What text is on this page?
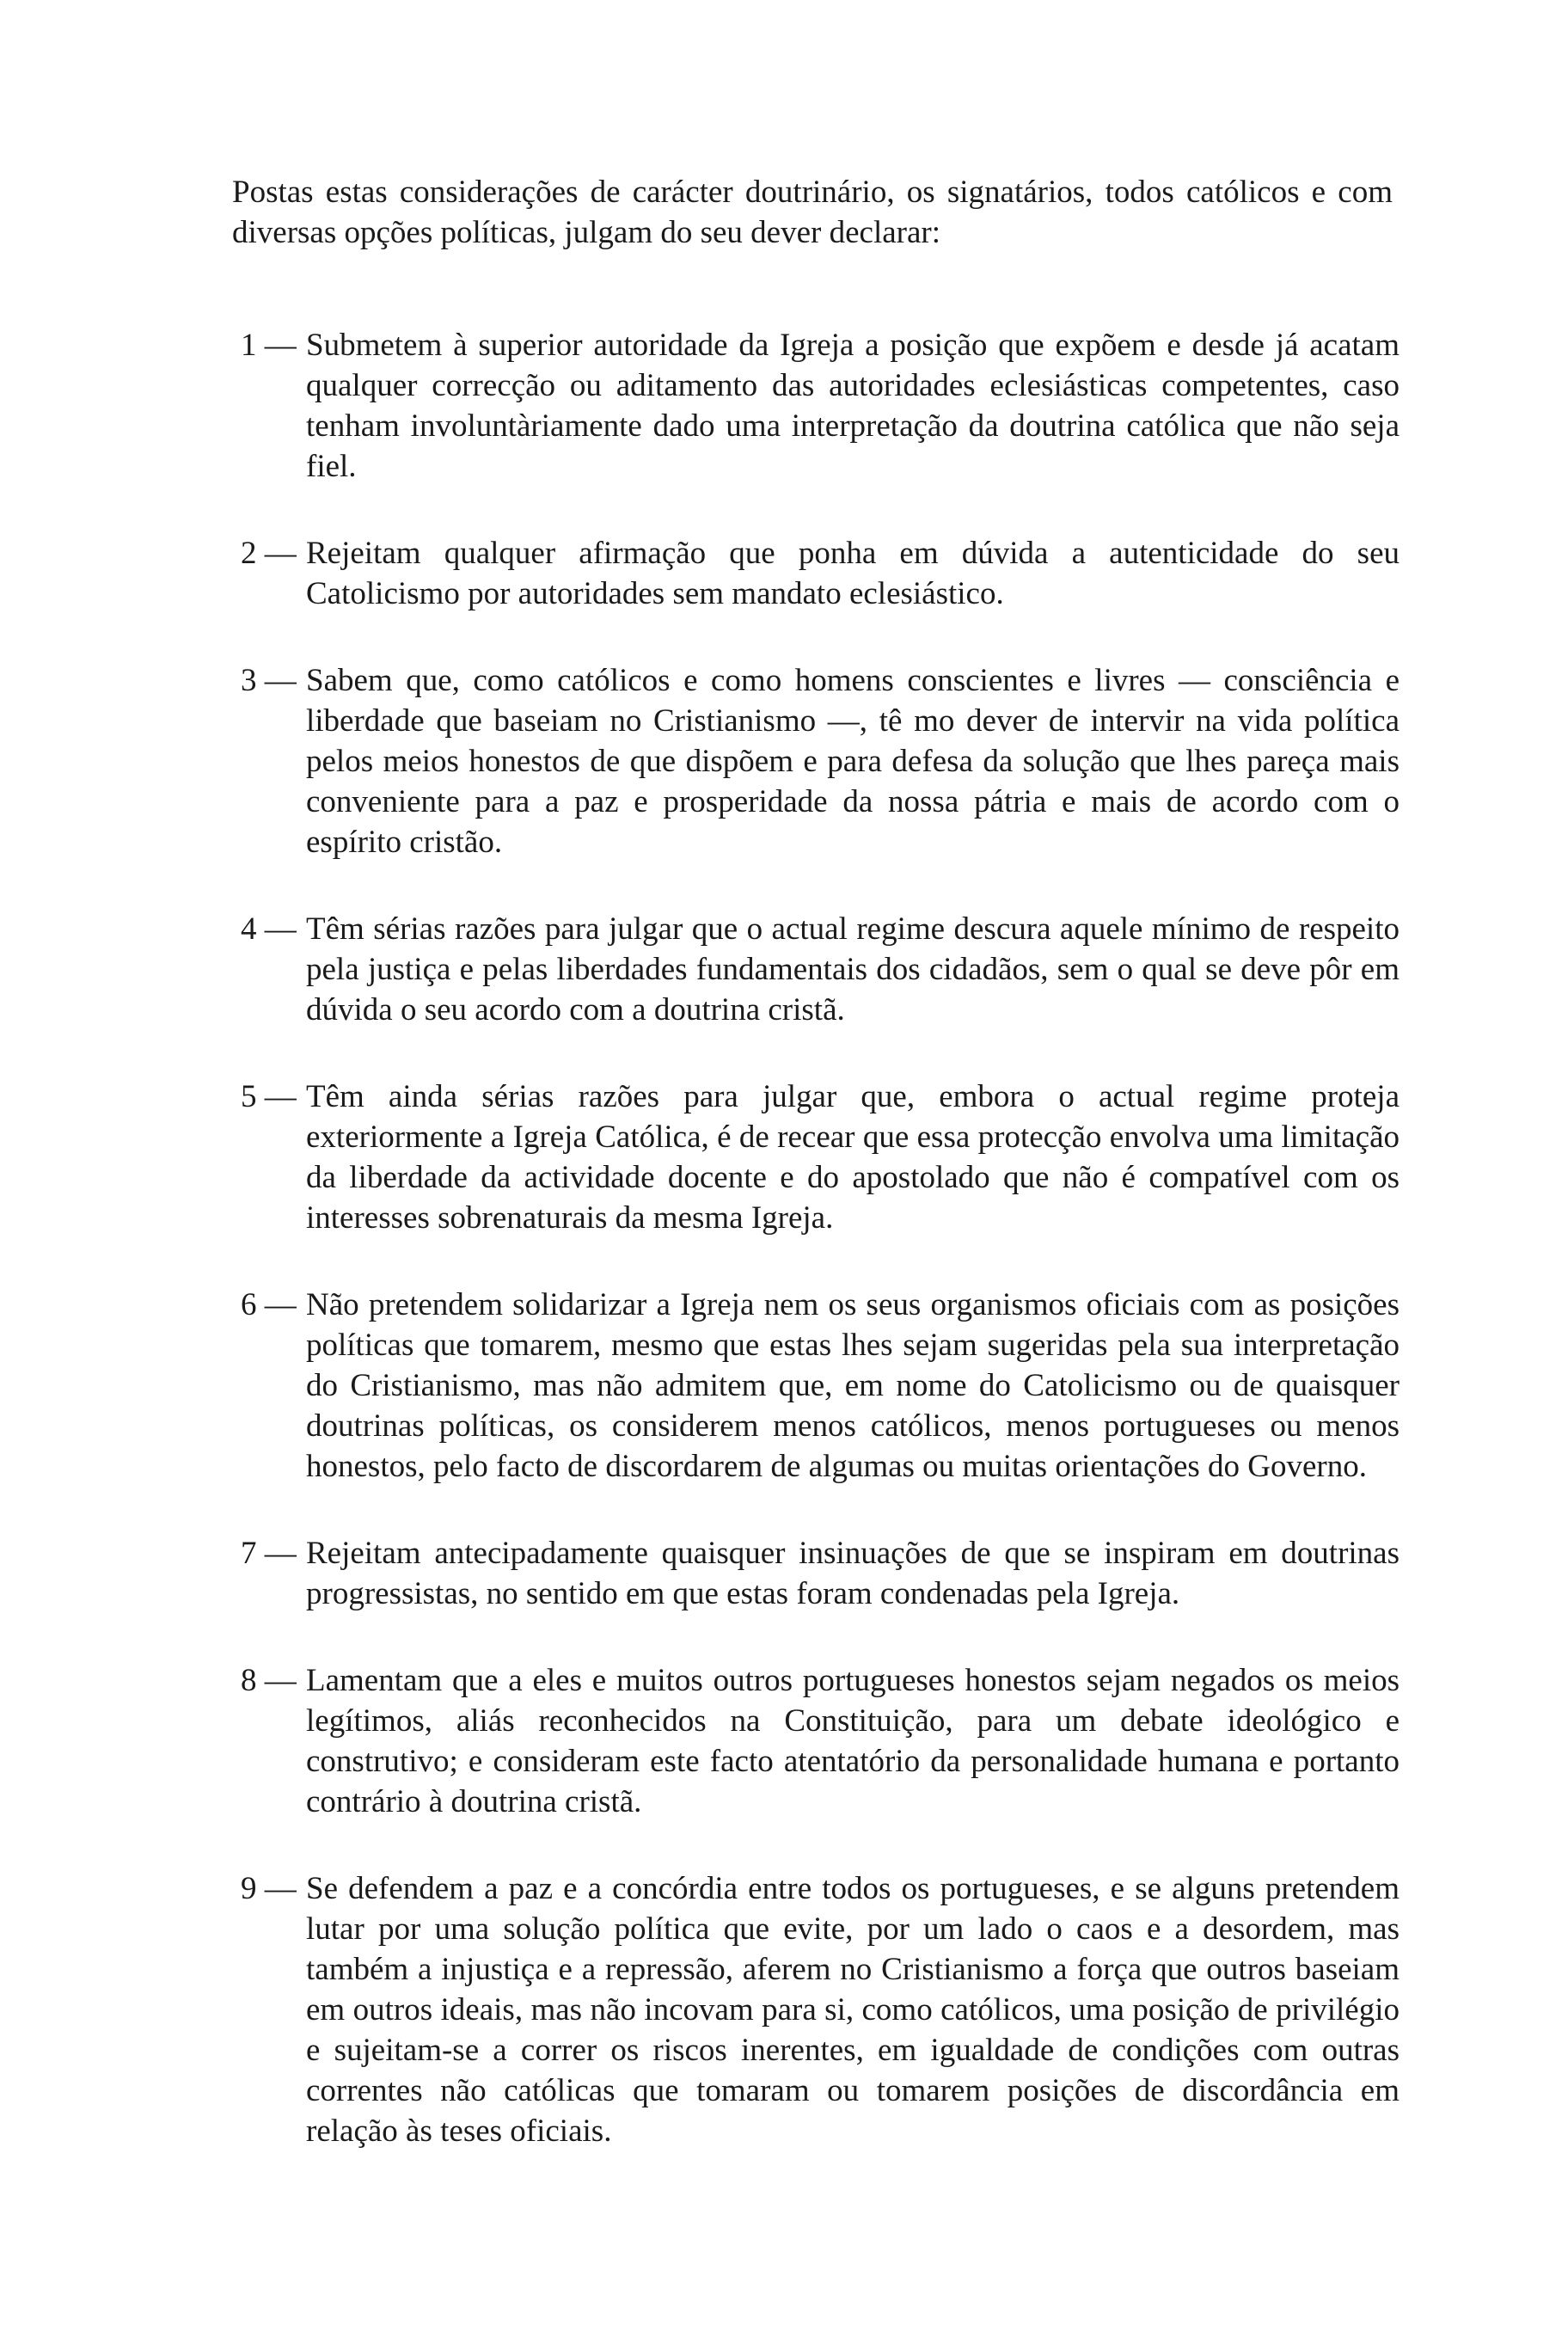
Postas estas considerações de carácter doutrinário, os signatários, todos católicos e com diversas opções políticas, julgam do seu dever declarar:

1 — Submetem à superior autoridade da Igreja a posição que expõem e desde já acatam qualquer correcção ou aditamento das autoridades eclesiásticas competentes, caso tenham involuntàriamente dado uma interpretação da doutrina católica que não seja fiel.
2 — Rejeitam qualquer afirmação que ponha em dúvida a autenticidade do seu Catolicismo por autoridades sem mandato eclesiástico.
3 — Sabem que, como católicos e como homens conscientes e livres — consciência e liberdade que baseiam no Cristianismo —, tê mo dever de intervir na vida política pelos meios honestos de que dispõem e para defesa da solução que lhes pareça mais conveniente para a paz e prosperidade da nossa pátria e mais de acordo com o espírito cristão.
4 — Têm sérias razões para julgar que o actual regime descura aquele mínimo de respeito pela justiça e pelas liberdades fundamentais dos cidadãos, sem o qual se deve pôr em dúvida o seu acordo com a doutrina cristã.
5 — Têm ainda sérias razões para julgar que, embora o actual regime proteja exteriormente a Igreja Católica, é de recear que essa protecção envolva uma limitação da liberdade da actividade docente e do apostolado que não é compatível com os interesses sobrenaturais da mesma Igreja.
6 — Não pretendem solidarizar a Igreja nem os seus organismos oficiais com as posições políticas que tomarem, mesmo que estas lhes sejam sugeridas pela sua interpretação do Cristianismo, mas não admitem que, em nome do Catolicismo ou de quaisquer doutrinas políticas, os considerem menos católicos, menos portugueses ou menos honestos, pelo facto de discordarem de algumas ou muitas orientações do Governo.
7 — Rejeitam antecipadamente quaisquer insinuações de que se inspiram em doutrinas progressistas, no sentido em que estas foram condenadas pela Igreja.
8 — Lamentam que a eles e muitos outros portugueses honestos sejam negados os meios legítimos, aliás reconhecidos na Constituição, para um debate ideológico e construtivo; e consideram este facto atentatório da personalidade humana e portanto contrário à doutrina cristã.
9 — Se defendem a paz e a concórdia entre todos os portugueses, e se alguns pretendem lutar por uma solução política que evite, por um lado o caos e a desordem, mas também a injustiça e a repressão, aferem no Cristianismo a força que outros baseiam em outros ideais, mas não incovam para si, como católicos, uma posição de privilégio e sujeitam-se a correr os riscos inerentes, em igualdade de condições com outras correntes não católicas que tomaram ou tomarem posições de discordância em relação às teses oficiais.
